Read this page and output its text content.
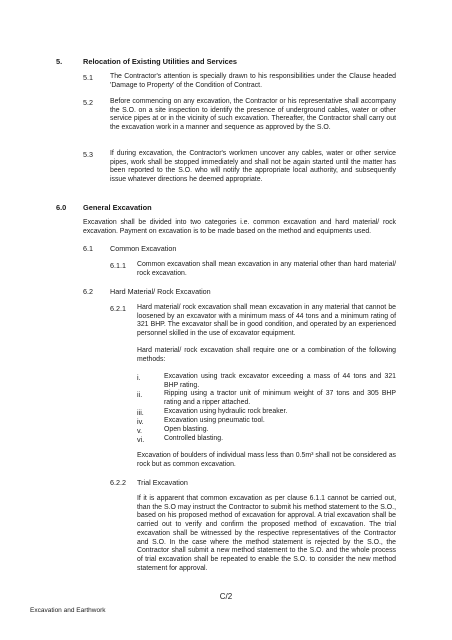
5.	Relocation of Existing Utilities and Services
5.1 The Contractor's attention is specially drawn to his responsibilities under the Clause headed 'Damage to Property' of the Condition of Contract.
5.2 Before commencing on any excavation, the Contractor or his representative shall accompany the S.O. on a site inspection to identify the presence of underground cables, water or other service pipes at or in the vicinity of such excavation. Thereafter, the Contractor shall carry out the excavation work in a manner and sequence as approved by the S.O.
5.3 If during excavation, the Contractor's workmen uncover any cables, water or other service pipes, work shall be stopped immediately and shall not be again started until the matter has been reported to the S.O. who will notify the appropriate local authority, and subsequently issue whatever directions he deemed appropriate.
6.0 General Excavation
Excavation shall be divided into two categories i.e. common excavation and hard material/ rock excavation. Payment on excavation is to be made based on the method and equipments used.
6.1 Common Excavation
6.1.1 Common excavation shall mean excavation in any material other than hard material/ rock excavation.
6.2 Hard Material/ Rock Excavation
6.2.1 Hard material/ rock excavation shall mean excavation in any material that cannot be loosened by an excavator with a minimum mass of 44 tons and a minimum rating of 321 BHP. The excavator shall be in good condition, and operated by an experienced personnel skilled in the use of excavator equipment.
Hard material/ rock excavation shall require one or a combination of the following methods:
i.	Excavation using track excavator exceeding a mass of 44 tons and 321 BHP rating.
ii.	Ripping using a tractor unit of minimum weight of 37 tons and 305 BHP rating and a ripper attached.
iii.	Excavation using hydraulic rock breaker.
iv.	Excavation using pneumatic tool.
v.	Open blasting.
vi.	Controlled blasting.
Excavation of boulders of individual mass less than 0.5m³ shall not be considered as rock but as common excavation.
6.2.2 Trial Excavation
If it is apparent that common excavation as per clause 6.1.1 cannot be carried out, than the S.O may instruct the Contractor to submit his method statement to the S.O., based on his proposed method of excavation for approval. A trial excavation shall be carried out to verify and confirm the proposed method of excavation. The trial excavation shall be witnessed by the respective representatives of the Contractor and S.O. In the case where the method statement is rejected by the S.O., the Contractor shall submit a new method statement to the S.O. and the whole process of trial excavation shall be repeated to enable the S.O. to consider the new method statement for approval.
C/2
Excavation and Earthwork
